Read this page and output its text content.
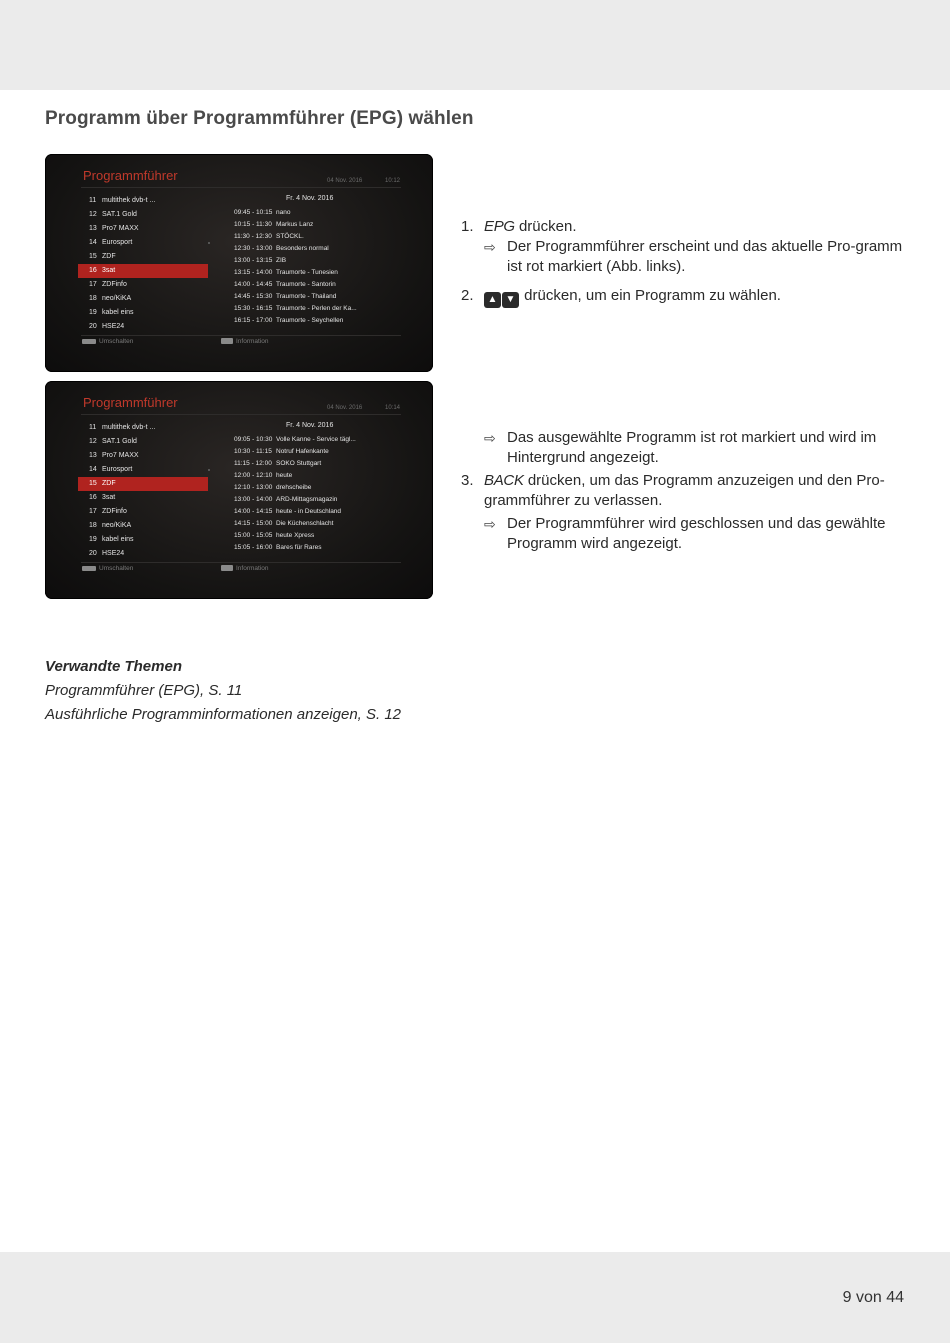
Programm über Programmführer (EPG) wählen
Programmführer	04 Nov. 2016	10:12
11 multithek dvb-t ...
12 SAT.1 Gold
13 Pro7 MAXX
14 Eurosport
15 ZDF
16 3sat
17 ZDFinfo
18 neo/KiKA
19 kabel eins
20 HSE24
Fr. 4 Nov. 2016
09:45 - 10:15 nano
10:15 - 11:30 Markus Lanz
11:30 - 12:30 STÖCKL.
12:30 - 13:00 Besonders normal
13:00 - 13:15 ZIB
13:15 - 14:00 Traumorte - Tunesien
14:00 - 14:45 Traumorte - Santorin
14:45 - 15:30 Traumorte - Thailand
15:30 - 16:15 Traumorte - Perlen der Ka...
16:15 - 17:00 Traumorte - Seychellen
Umschalten	Information
Programmführer	04 Nov. 2016	10:14
11 multithek dvb-t ...
12 SAT.1 Gold
13 Pro7 MAXX
14 Eurosport
15 ZDF
16 3sat
17 ZDFinfo
18 neo/KiKA
19 kabel eins
20 HSE24
Fr. 4 Nov. 2016
09:05 - 10:30 Volle Kanne - Service tägl...
10:30 - 11:15 Notruf Hafenkante
11:15 - 12:00 SOKO Stuttgart
12:00 - 12:10 heute
12:10 - 13:00 drehscheibe
13:00 - 14:00 ARD-Mittagsmagazin
14:00 - 14:15 heute - in Deutschland
14:15 - 15:00 Die Küchenschlacht
15:00 - 15:05 heute Xpress
15:05 - 16:00 Bares für Rares
Umschalten	Information
1. EPG drücken.
⇨ Der Programmführer erscheint und das aktuelle Pro-gramm ist rot markiert (Abb. links).
2. ▲ ▼ drücken, um ein Programm zu wählen.
⇨ Das ausgewählte Programm ist rot markiert und wird im Hintergrund angezeigt.
3. BACK drücken, um das Programm anzuzeigen und den Pro-grammführer zu verlassen.
⇨ Der Programmführer wird geschlossen und das gewählte Programm wird angezeigt.
Verwandte Themen
Programmführer (EPG), S. 11
Ausführliche Programminformationen anzeigen, S. 12
9 von 44
